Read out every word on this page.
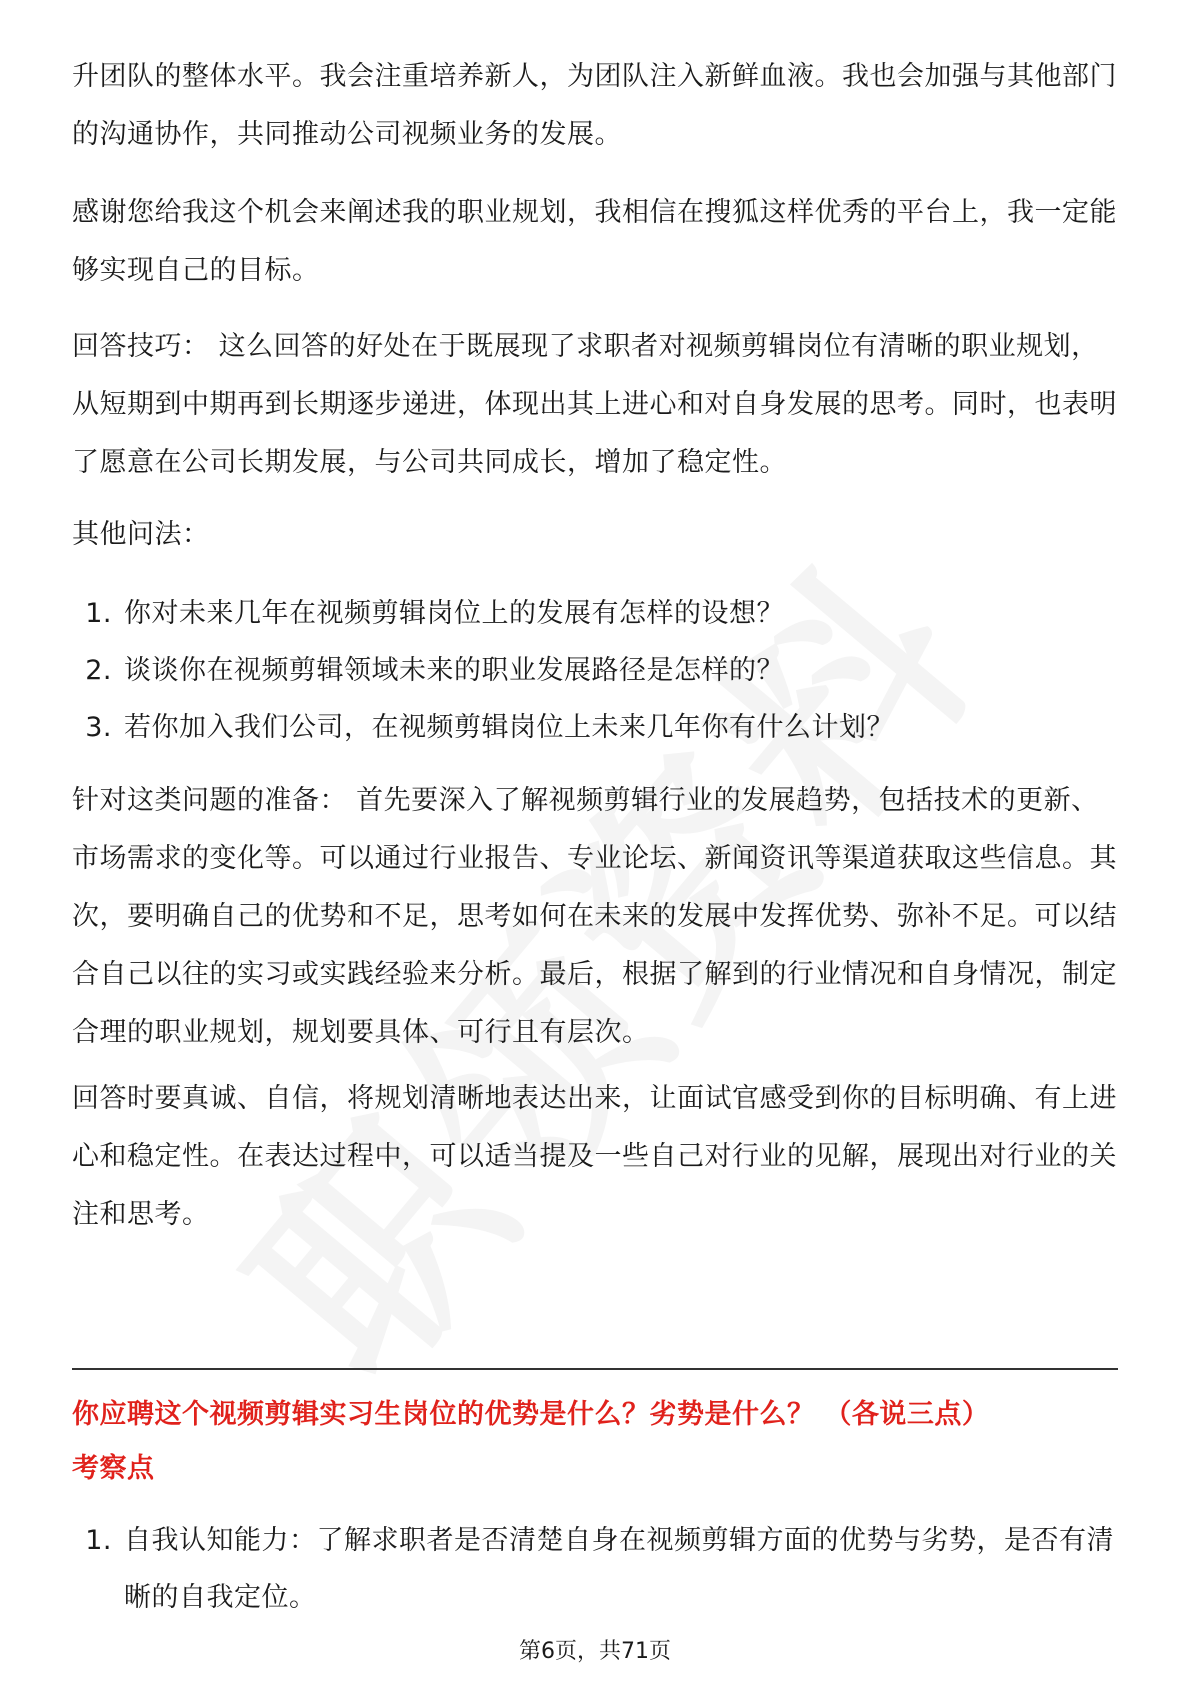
升团队的整体水平。我会注重培养新人，为团队注入新鲜血液。我也会加强与其他部门的沟通协作，共同推动公司视频业务的发展。

感谢您给我这个机会来阐述我的职业规划，我相信在搜狐这样优秀的平台上，我一定能够实现自己的目标。

回答技巧： 这么回答的好处在于既展现了求职者对视频剪辑岗位有清晰的职业规划，从短期到中期再到长期逐步递进，体现出其上进心和对自身发展的思考。同时，也表明了愿意在公司长期发展，与公司共同成长，增加了稳定性。

其他问法：

1. 你对未来几年在视频剪辑岗位上的发展有怎样的设想？
2. 谈谈你在视频剪辑领域未来的职业发展路径是怎样的？
3. 若你加入我们公司，在视频剪辑岗位上未来几年你有什么计划？

针对这类问题的准备： 首先要深入了解视频剪辑行业的发展趋势，包括技术的更新、市场需求的变化等。可以通过行业报告、专业论坛、新闻资讯等渠道获取这些信息。其次，要明确自己的优势和不足，思考如何在未来的发展中发挥优势、弥补不足。可以结合自己以往的实习或实践经验来分析。最后，根据了解到的行业情况和自身情况，制定合理的职业规划，规划要具体、可行且有层次。

回答时要真诚、自信，将规划清晰地表达出来，让面试官感受到你的目标明确、有上进心和稳定性。在表达过程中，可以适当提及一些自己对行业的见解，展现出对行业的关注和思考。

你应聘这个视频剪辑实习生岗位的优势是什么？劣势是什么？ （各说三点）

考察点

1. 自我认知能力：了解求职者是否清楚自身在视频剪辑方面的优势与劣势，是否有清晰的自我定位。
第6页，共71页
